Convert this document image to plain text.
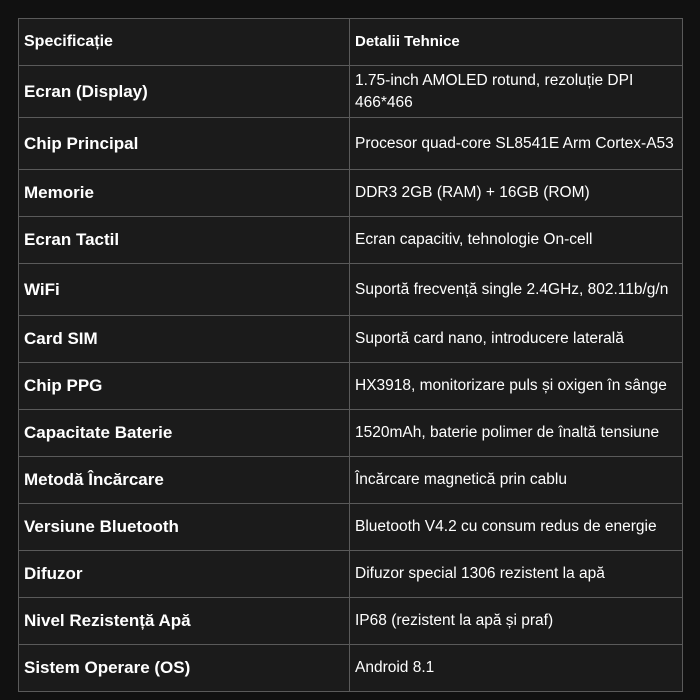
Specificație	Detalii Tehnice
Ecran (Display)	1.75-inch AMOLED rotund, rezoluție DPI 466*466
Chip Principal	Procesor quad-core SL8541E Arm Cortex-A53
Memorie	DDR3 2GB (RAM) + 16GB (ROM)
Ecran Tactil	Ecran capacitiv, tehnologie On-cell
WiFi	Suportă frecvență single 2.4GHz, 802.11b/g/n
Card SIM	Suportă card nano, introducere laterală
Chip PPG	HX3918, monitorizare puls și oxigen în sânge
Capacitate Baterie	1520mAh, baterie polimer de înaltă tensiune
Metodă Încărcare	Încărcare magnetică prin cablu
Versiune Bluetooth	Bluetooth V4.2 cu consum redus de energie
Difuzor	Difuzor special 1306 rezistent la apă
Nivel Rezistență Apă	IP68 (rezistent la apă și praf)
Sistem Operare (OS)	Android 8.1
